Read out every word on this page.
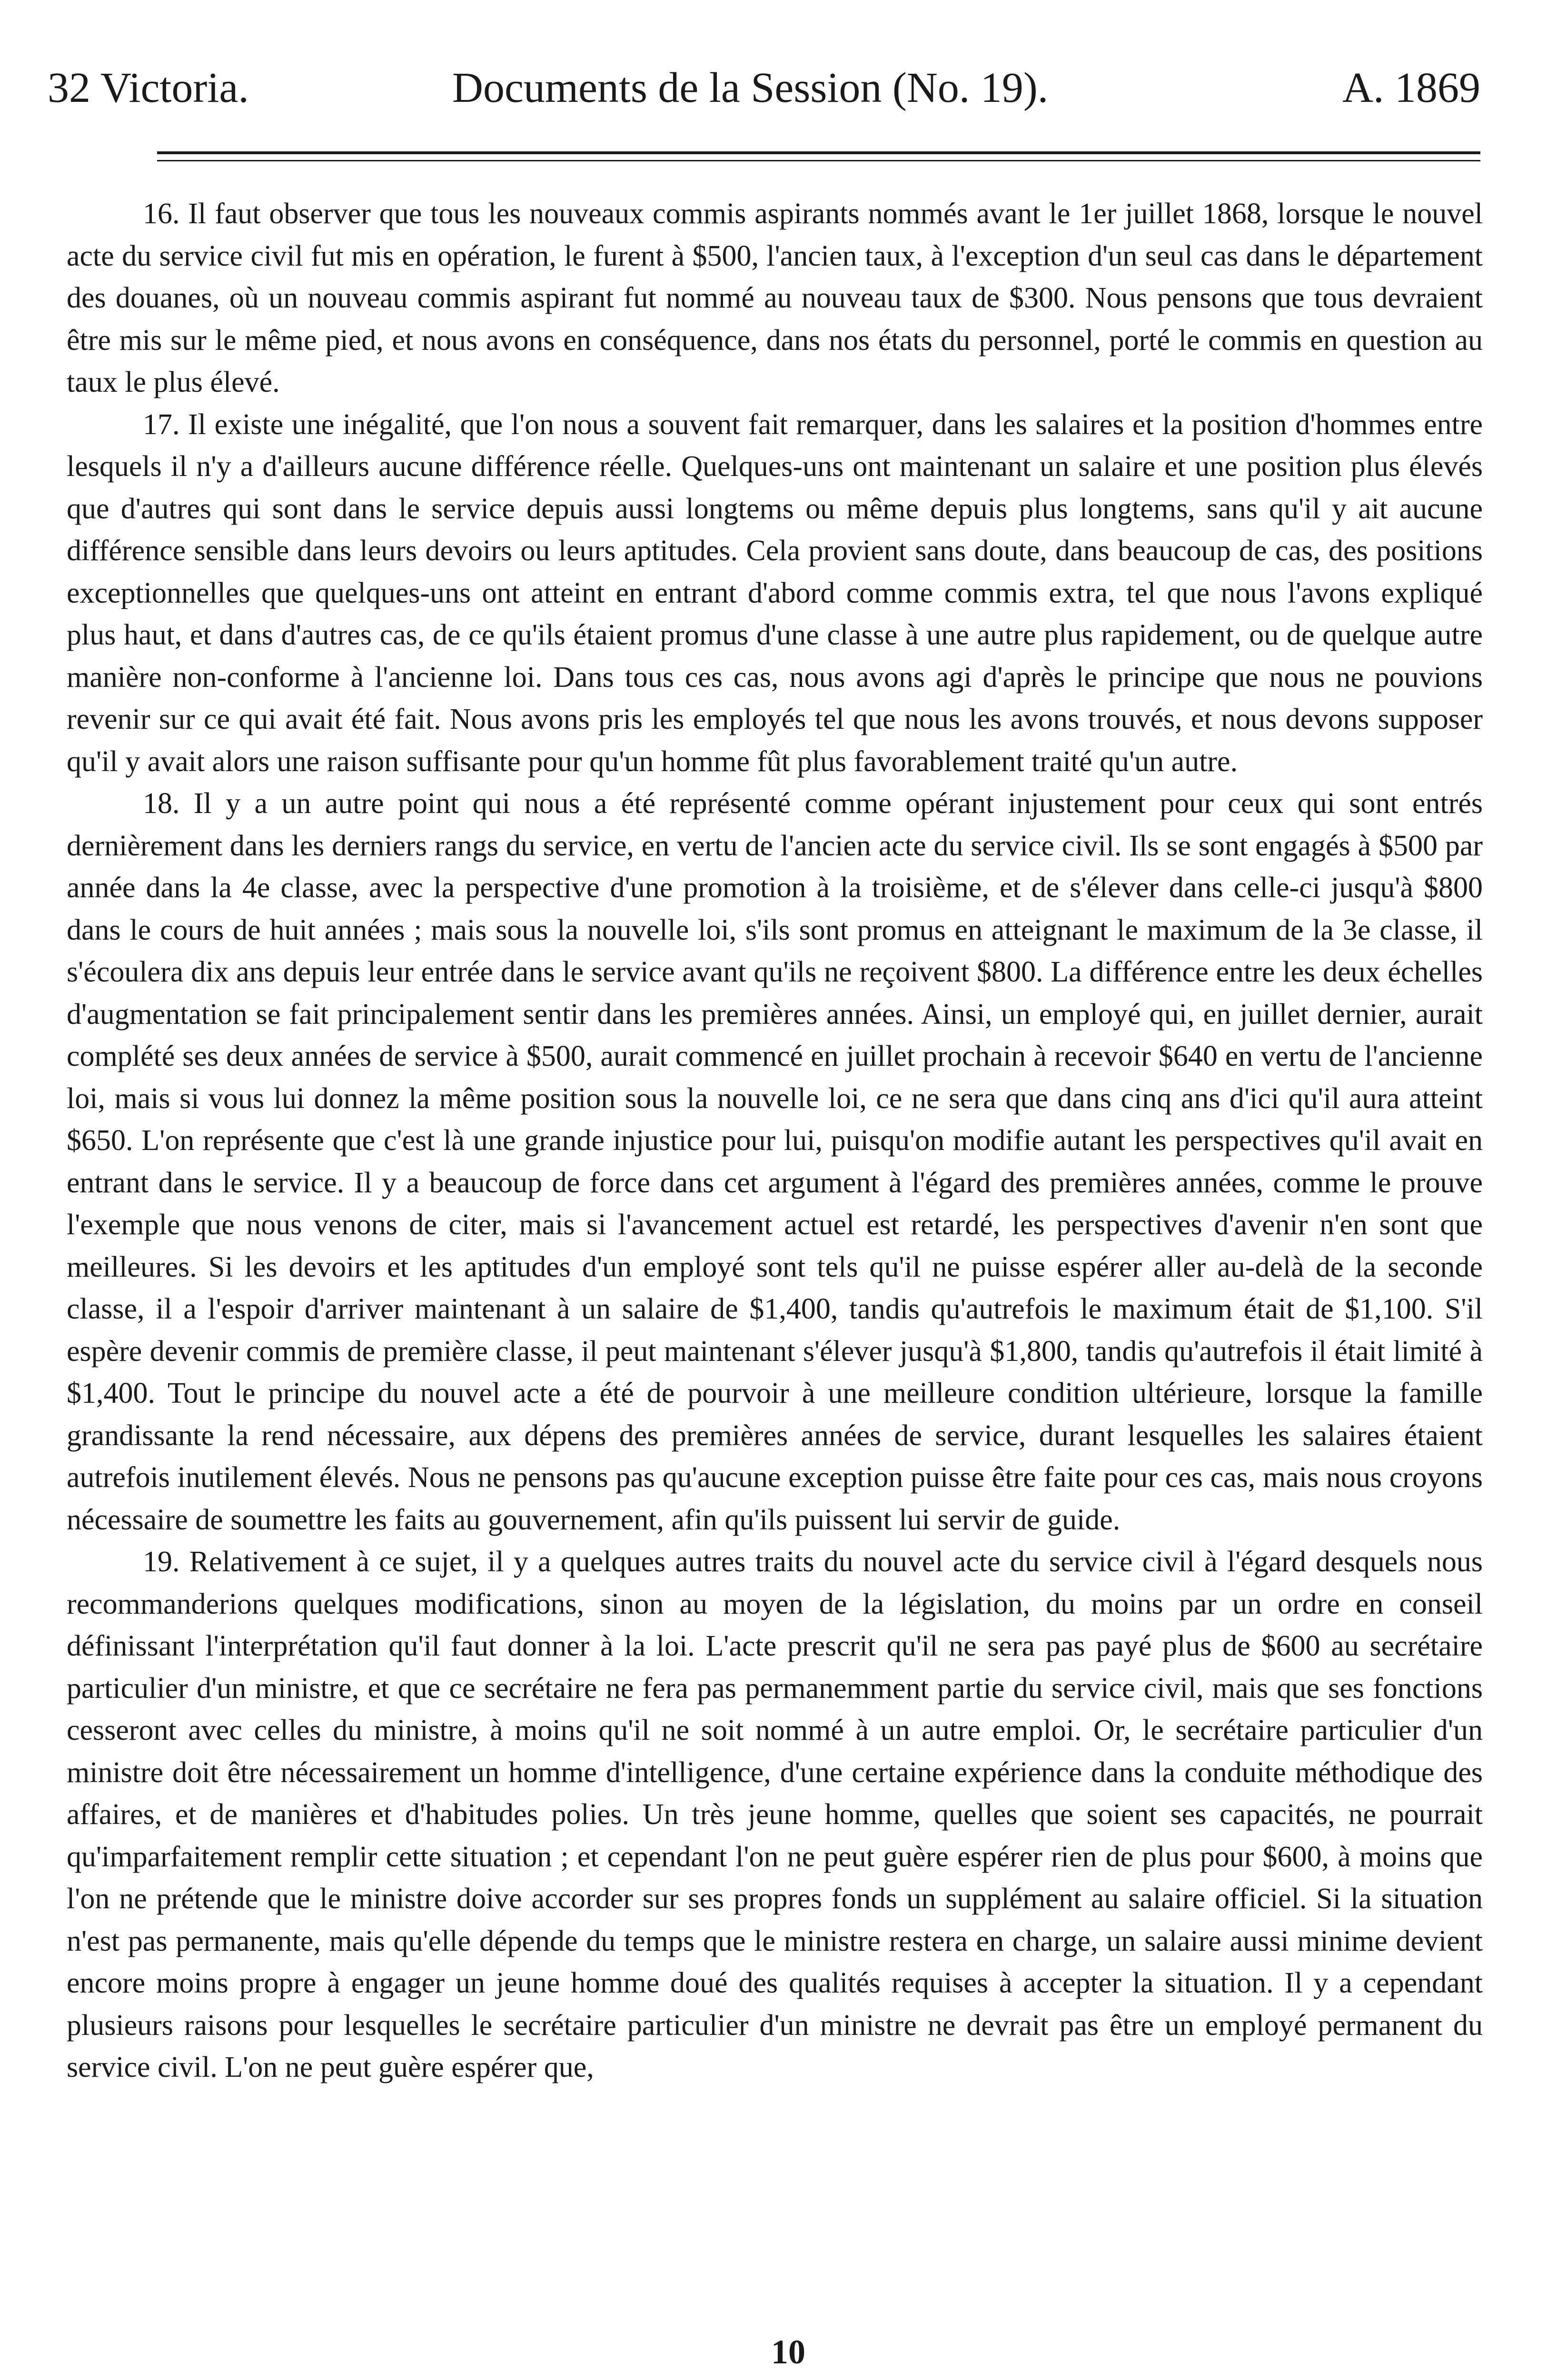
32 Victoria.	Documents de la Session (No. 19).	A. 1869

16. Il faut observer que tous les nouveaux commis aspirants nommés avant le 1er juillet 1868, lorsque le nouvel acte du service civil fut mis en opération, le furent à $500, l'ancien taux, à l'exception d'un seul cas dans le département des douanes, où un nouveau commis aspirant fut nommé au nouveau taux de $300. Nous pensons que tous devraient être mis sur le même pied, et nous avons en conséquence, dans nos états du personnel, porté le commis en question au taux le plus élevé.

17. Il existe une inégalité, que l'on nous a souvent fait remarquer, dans les salaires et la position d'hommes entre lesquels il n'y a d'ailleurs aucune différence réelle. Quelques-uns ont maintenant un salaire et une position plus élevés que d'autres qui sont dans le service depuis aussi longtems ou même depuis plus longtems, sans qu'il y ait aucune différence sensible dans leurs devoirs ou leurs aptitudes. Cela provient sans doute, dans beaucoup de cas, des positions exceptionnelles que quelques-uns ont atteint en entrant d'abord comme commis extra, tel que nous l'avons expliqué plus haut, et dans d'autres cas, de ce qu'ils étaient promus d'une classe à une autre plus rapidement, ou de quelque autre manière non-conforme à l'ancienne loi. Dans tous ces cas, nous avons agi d'après le principe que nous ne pouvions revenir sur ce qui avait été fait. Nous avons pris les employés tel que nous les avons trouvés, et nous devons supposer qu'il y avait alors une raison suffisante pour qu'un homme fût plus favorablement traité qu'un autre.

18. Il y a un autre point qui nous a été représenté comme opérant injustement pour ceux qui sont entrés dernièrement dans les derniers rangs du service, en vertu de l'ancien acte du service civil. Ils se sont engagés à $500 par année dans la 4e classe, avec la perspective d'une promotion à la troisième, et de s'élever dans celle-ci jusqu'à $800 dans le cours de huit années ; mais sous la nouvelle loi, s'ils sont promus en atteignant le maximum de la 3e classe, il s'écoulera dix ans depuis leur entrée dans le service avant qu'ils ne reçoivent $800. La différence entre les deux échelles d'augmentation se fait principalement sentir dans les premières années. Ainsi, un employé qui, en juillet dernier, aurait complété ses deux années de service à $500, aurait commencé en juillet prochain à recevoir $640 en vertu de l'ancienne loi, mais si vous lui donnez la même position sous la nouvelle loi, ce ne sera que dans cinq ans d'ici qu'il aura atteint $650. L'on représente que c'est là une grande injustice pour lui, puisqu'on modifie autant les perspectives qu'il avait en entrant dans le service. Il y a beaucoup de force dans cet argument à l'égard des premières années, comme le prouve l'exemple que nous venons de citer, mais si l'avancement actuel est retardé, les perspectives d'avenir n'en sont que meilleures. Si les devoirs et les aptitudes d'un employé sont tels qu'il ne puisse espérer aller au-delà de la seconde classe, il a l'espoir d'arriver maintenant à un salaire de $1,400, tandis qu'autrefois le maximum était de $1,100. S'il espère devenir commis de première classe, il peut maintenant s'élever jusqu'à $1,800, tandis qu'autrefois il était limité à $1,400. Tout le principe du nouvel acte a été de pourvoir à une meilleure condition ultérieure, lorsque la famille grandissante la rend nécessaire, aux dépens des premières années de service, durant lesquelles les salaires étaient autrefois inutilement élevés. Nous ne pensons pas qu'aucune exception puisse être faite pour ces cas, mais nous croyons nécessaire de soumettre les faits au gouvernement, afin qu'ils puissent lui servir de guide.

19. Relativement à ce sujet, il y a quelques autres traits du nouvel acte du service civil à l'égard desquels nous recommanderions quelques modifications, sinon au moyen de la législation, du moins par un ordre en conseil définissant l'interprétation qu'il faut donner à la loi. L'acte prescrit qu'il ne sera pas payé plus de $600 au secrétaire particulier d'un ministre, et que ce secrétaire ne fera pas permanemment partie du service civil, mais que ses fonctions cesseront avec celles du ministre, à moins qu'il ne soit nommé à un autre emploi. Or, le secrétaire particulier d'un ministre doit être nécessairement un homme d'intelligence, d'une certaine expérience dans la conduite méthodique des affaires, et de manières et d'habitudes polies. Un très jeune homme, quelles que soient ses capacités, ne pourrait qu'imparfaitement remplir cette situation ; et cependant l'on ne peut guère espérer rien de plus pour $600, à moins que l'on ne prétende que le ministre doive accorder sur ses propres fonds un supplément au salaire officiel. Si la situation n'est pas permanente, mais qu'elle dépende du temps que le ministre restera en charge, un salaire aussi minime devient encore moins propre à engager un jeune homme doué des qualités requises à accepter la situation. Il y a cependant plusieurs raisons pour lesquelles le secrétaire particulier d'un ministre ne devrait pas être un employé permanent du service civil. L'on ne peut guère espérer que,

10
